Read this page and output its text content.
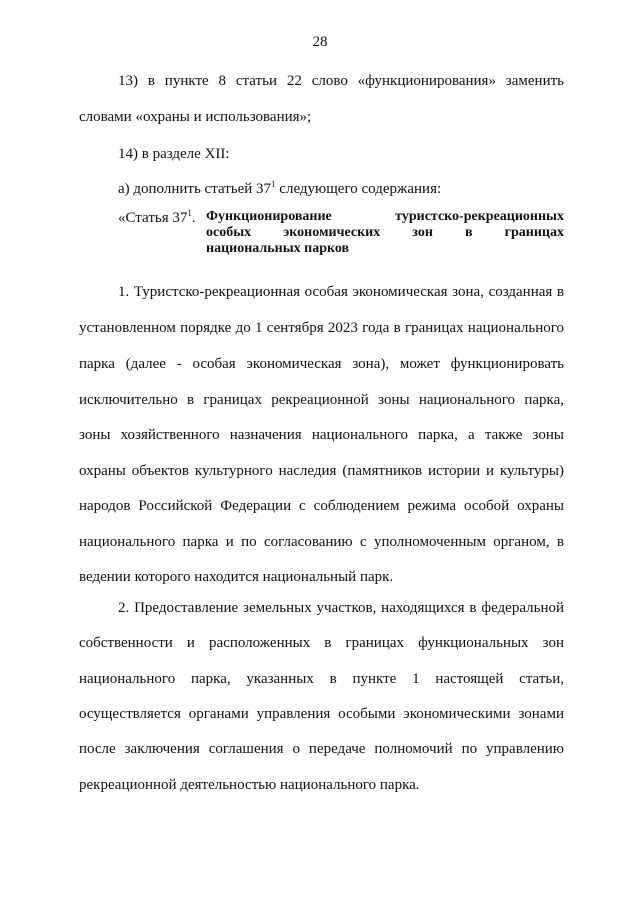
28
13) в пункте 8 статьи 22 слово «функционирования» заменить
словами «охраны и использования»;
14) в разделе XII:
а) дополнить статьей $37^1$ следующего содержания:
«Статья $37^1$. Функционирование туристско-рекреационных
особых экономических зон в границах
национальных парков
1. Туристско-рекреационная особая экономическая зона, созданная в
установленном порядке до 1 сентября 2023 года в границах национального
парка (далее - особая экономическая зона), может функционировать
исключительно в границах рекреационной зоны национального парка,
зоны хозяйственного назначения национального парка, а также зоны
охраны объектов культурного наследия (памятников истории и культуры)
народов Российской Федерации с соблюдением режима особой охраны
национального парка и по согласованию с уполномоченным органом, в
ведении которого находится национальный парк.
2. Предоставление земельных участков, находящихся в федеральной
собственности и расположенных в границах функциональных зон
национального парка, указанных в пункте 1 настоящей статьи,
осуществляется органами управления особыми экономическими зонами
после заключения соглашения о передаче полномочий по управлению
рекреационной деятельностью национального парка.
